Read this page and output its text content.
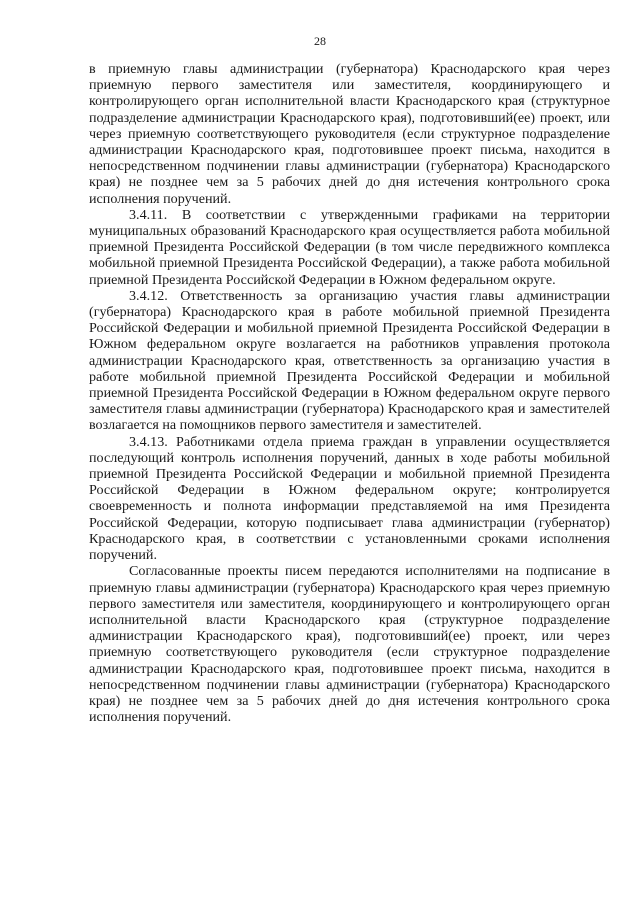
28

в приемную главы администрации (губернатора) Краснодарского края через приемную первого заместителя или заместителя, координирующего и контролирующего орган исполнительной власти Краснодарского края (структурное подразделение администрации Краснодарского края), подготовивший(ее) проект, или через приемную соответствующего руководителя (если структурное подразделение администрации Краснодарского края, подготовившее проект письма, находится в непосредственном подчинении главы администрации (губернатора) Краснодарского края) не позднее чем за 5 рабочих дней до дня истечения контрольного срока исполнения поручений.

3.4.11. В соответствии с утвержденными графиками на территории муниципальных образований Краснодарского края осуществляется работа мобильной приемной Президента Российской Федерации (в том числе передвижного комплекса мобильной приемной Президента Российской Федерации), а также работа мобильной приемной Президента Российской Федерации в Южном федеральном округе.

3.4.12. Ответственность за организацию участия главы администрации (губернатора) Краснодарского края в работе мобильной приемной Президента Российской Федерации и мобильной приемной Президента Российской Федерации в Южном федеральном округе возлагается на работников управления протокола администрации Краснодарского края, ответственность за организацию участия в работе мобильной приемной Президента Российской Федерации и мобильной приемной Президента Российской Федерации в Южном федеральном округе первого заместителя главы администрации (губернатора) Краснодарского края и заместителей возлагается на помощников первого заместителя и заместителей.

3.4.13. Работниками отдела приема граждан в управлении осуществляется последующий контроль исполнения поручений, данных в ходе работы мобильной приемной Президента Российской Федерации и мобильной приемной Президента Российской Федерации в Южном федеральном округе; контролируется своевременность и полнота информации представляемой на имя Президента Российской Федерации, которую подписывает глава администрации (губернатор) Краснодарского края, в соответствии с установленными сроками исполнения поручений.

Согласованные проекты писем передаются исполнителями на подписание в приемную главы администрации (губернатора) Краснодарского края через приемную первого заместителя или заместителя, координирующего и контролирующего орган исполнительной власти Краснодарского края (структурное подразделение администрации Краснодарского края), подготовивший(ее) проект, или через приемную соответствующего руководителя (если структурное подразделение администрации Краснодарского края, подготовившее проект письма, находится в непосредственном подчинении главы администрации (губернатора) Краснодарского края) не позднее чем за 5 рабочих дней до дня истечения контрольного срока исполнения поручений.
